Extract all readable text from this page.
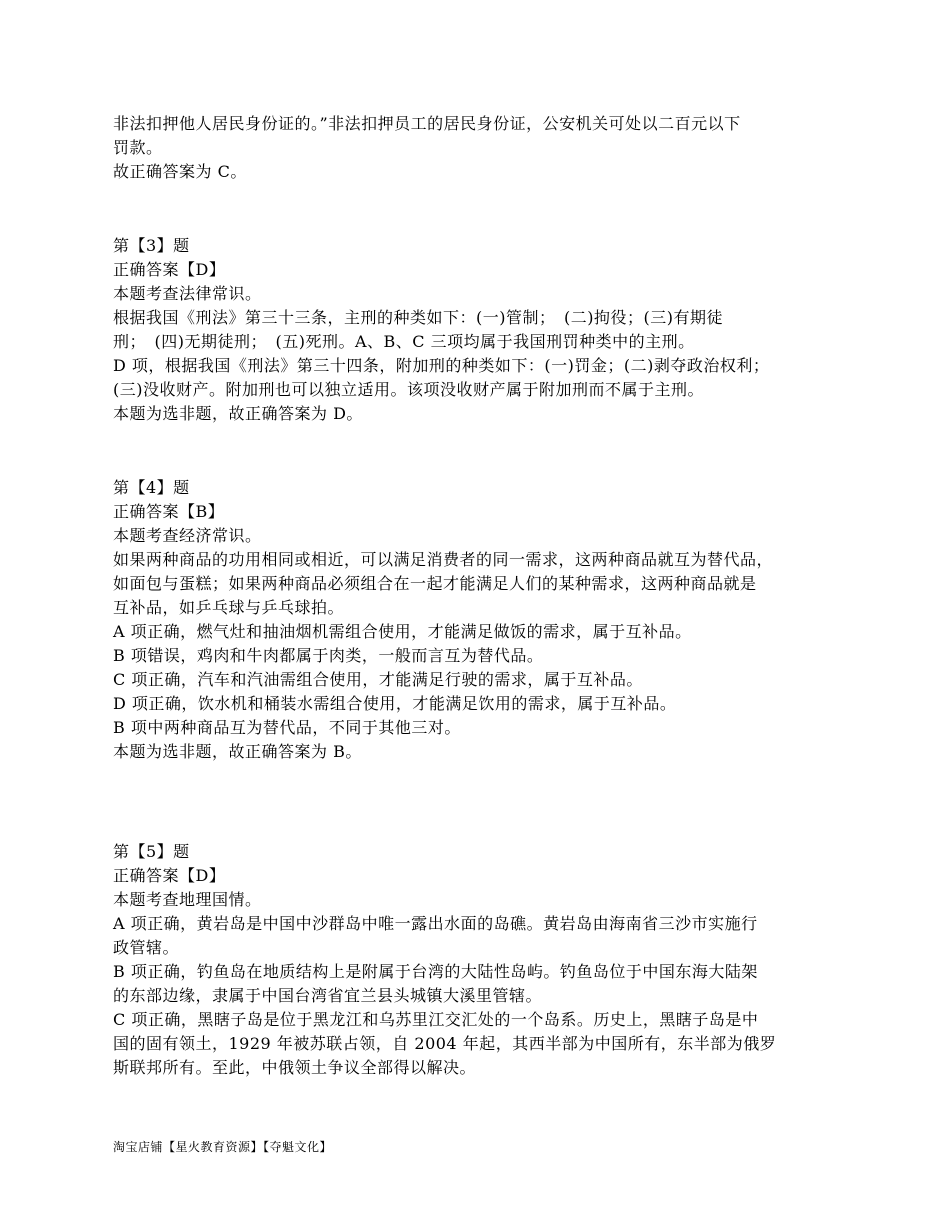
非法扣押他人居民身份证的。”非法扣押员工的居民身份证，公安机关可处以二百元以下
罚款。
故正确答案为 C。
第【3】题
正确答案【D】
本题考查法律常识。
根据我国《刑法》第三十三条，主刑的种类如下：(一)管制；　(二)拘役；(三)有期徒
刑；　(四)无期徒刑；　(五)死刑。A、B、C 三项均属于我国刑罚种类中的主刑。
D 项，根据我国《刑法》第三十四条，附加刑的种类如下：(一)罚金；(二)剥夺政治权利；
(三)没收财产。附加刑也可以独立适用。该项没收财产属于附加刑而不属于主刑。
本题为选非题，故正确答案为 D。
第【4】题
正确答案【B】
本题考查经济常识。
如果两种商品的功用相同或相近，可以满足消费者的同一需求，这两种商品就互为替代品，
如面包与蛋糕；如果两种商品必须组合在一起才能满足人们的某种需求，这两种商品就是
互补品，如乒乓球与乒乓球拍。
A 项正确，燃气灶和抽油烟机需组合使用，才能满足做饭的需求，属于互补品。
B 项错误，鸡肉和牛肉都属于肉类，一般而言互为替代品。
C 项正确，汽车和汽油需组合使用，才能满足行驶的需求，属于互补品。
D 项正确，饮水机和桶装水需组合使用，才能满足饮用的需求，属于互补品。
B 项中两种商品互为替代品，不同于其他三对。
本题为选非题，故正确答案为 B。
第【5】题
正确答案【D】
本题考查地理国情。
A 项正确，黄岩岛是中国中沙群岛中唯一露出水面的岛礁。黄岩岛由海南省三沙市实施行
政管辖。
B 项正确，钓鱼岛在地质结构上是附属于台湾的大陆性岛屿。钓鱼岛位于中国东海大陆架
的东部边缘，隶属于中国台湾省宜兰县头城镇大溪里管辖。
C 项正确，黑瞎子岛是位于黑龙江和乌苏里江交汇处的一个岛系。历史上，黑瞎子岛是中
国的固有领土，1929 年被苏联占领，自 2004 年起，其西半部为中国所有，东半部为俄罗
斯联邦所有。至此，中俄领土争议全部得以解决。
淘宝店铺【星火教育资源】【夺魁文化】
